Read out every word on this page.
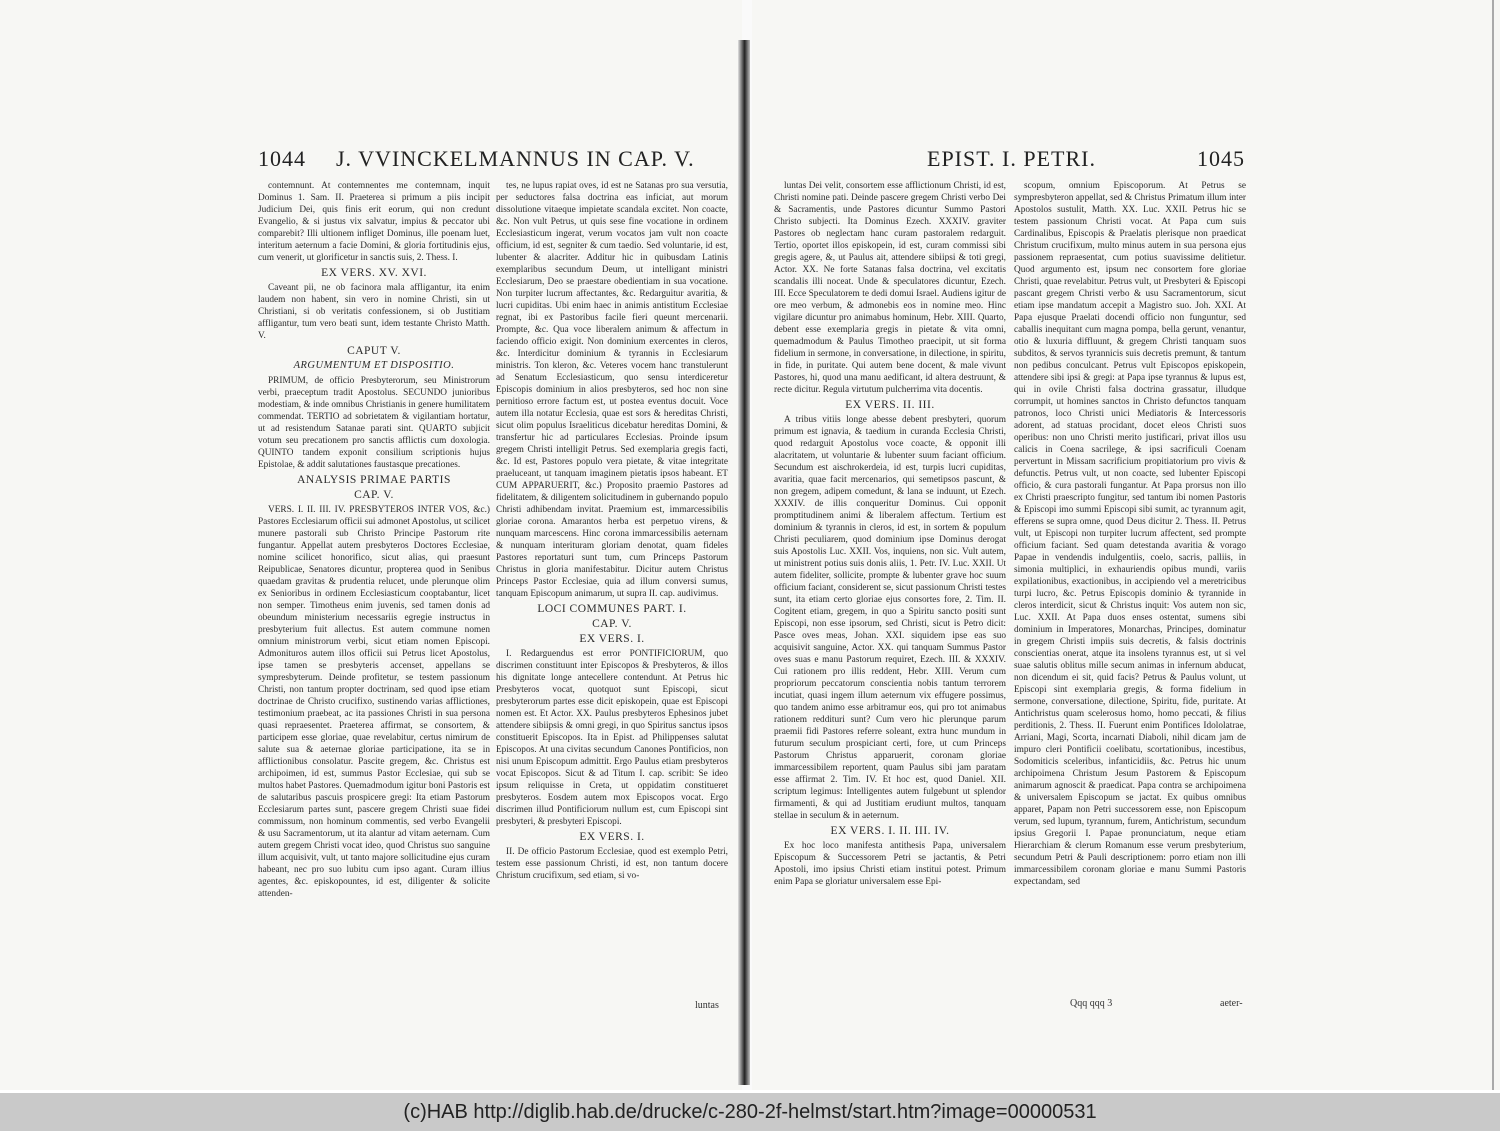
1044 J. VVINCKELMANNUS IN CAP. V.

contemnunt. At contemnentes me contemnam, inquit Dominus 1. Sam. II. Praeterea si primum a piis incipit Judicium Dei, quis finis erit eorum, qui non credunt Evangelio, & si justus vix salvatur, impius & peccator ubi comparebit? Illi ultionem infliget Dominus, ille poenam luet, interitum aeternum a facie Domini, & gloria fortitudinis ejus, cum venerit, ut glorificetur in sanctis suis, 2. Thess. I.

EX VERS. XV. XVI.

Caveant pii, ne ob facinora mala affligantur, ita enim laudem non habent, sin vero in nomine Christi, sin ut Christiani, si ob veritatis confessionem, si ob Justitiam affligantur, tum vero beati sunt, idem testante Christo Matth. V.

CAPUT V.
ARGUMENTUM ET DISPOSITIO.

PRIMUM, de officio Presbyterorum, seu Ministrorum verbi, praeceptum tradit Apostolus. SECUNDO junioribus modestiam, & inde omnibus Christianis in genere humilitatem commendat. TERTIO ad sobrietatem & vigilantiam hortatur, ut ad resistendum Satanae parati sint. QUARTO subjicit votum seu precationem pro sanctis afflictis cum doxologia. QUINTO tandem exponit consilium scriptionis hujus Epistolae, & addit salutationes faustasque precationes.

ANALYSIS PRIMAE PARTIS
CAP. V.

VERS. I. II. III. IV. PRESBYTEROS INTER VOS, &c.) Pastores Ecclesiarum officii sui admonet Apostolus, ut scilicet munere pastorali sub Christo Principe Pastorum rite fungantur. Appellat autem presbyteros Doctores Ecclesiae, nomine scilicet honorifico, sicut alias, qui praesunt Reipublicae, Senatores dicuntur, propterea quod in Senibus quaedam gravitas & prudentia relucet, unde plerunque olim ex Senioribus in ordinem Ecclesiasticum cooptabantur, licet non semper. Timotheus enim juvenis, sed tamen donis ad obeundum ministerium necessariis egregie instructus in presbyterium fuit allectus. Est autem commune nomen omnium ministrorum verbi, sicut etiam nomen Episcopi. Admonituros autem illos officii sui Petrus licet Apostolus, ipse tamen se presbyteris accenset, appellans se sympresbyterum. Deinde profitetur, se testem passionum Christi, non tantum propter doctrinam, sed quod ipse etiam doctrinae de Christo crucifixo, sustinendo varias afflictiones, testimonium praebeat, ac ita passiones Christi in sua persona quasi repraesentet. Praeterea affirmat, se consortem, & participem esse gloriae, quae revelabitur, certus nimirum de salute sua & aeternae gloriae participatione, ita se in afflictionibus consolatur. Pascite gregem, &c. Christus est archipoimen, id est, summus Pastor Ecclesiae, qui sub se multos habet Pastores. Quemadmodum igitur boni Pastoris est de salutaribus pascuis prospicere gregi: Ita etiam Pastorum Ecclesiarum partes sunt, pascere gregem Christi suae fidei commissum, non hominum commentis, sed verbo Evangelii & usu Sacramentorum, ut ita alantur ad vitam aeternam. Cum autem gregem Christi vocat ideo, quod Christus suo sanguine illum acquisivit, vult, ut tanto majore sollicitudine ejus curam habeant, nec pro suo lubitu cum ipso agant. Curam illius agentes, &c. episkopountes, id est, diligenter & solicite attenden-

tes, ne lupus rapiat oves, id est ne Satanas pro sua versutia, per seductores falsa doctrina eas inficiat, aut morum dissolutione vitaeque impietate scandala excitet. Non coacte, &c. Non vult Petrus, ut quis sese fine vocatione in ordinem Ecclesiasticum ingerat, verum vocatos jam vult non coacte officium, id est, segniter & cum taedio. Sed voluntarie, id est, lubenter & alacriter. Additur hic in quibusdam Latinis exemplaribus secundum Deum, ut intelligant ministri Ecclesiarum, Deo se praestare obedientiam in sua vocatione. Non turpiter lucrum affectantes, &c. Redarguitur avaritia, & lucri cupiditas. Ubi enim haec in animis antistitum Ecclesiae regnat, ibi ex Pastoribus facile fieri queunt mercenarii. Prompte, &c. Qua voce liberalem animum & affectum in faciendo officio exigit. Non dominium exercentes in cleros, &c. Interdicitur dominium & tyrannis in Ecclesiarum ministris. Ton kleron, &c. Veteres vocem hanc transtulerunt ad Senatum Ecclesiasticum, quo sensu interdiceretur Episcopis dominium in alios presbyteros, sed hoc non sine pernitioso errore factum est, ut postea eventus docuit. Voce autem illa notatur Ecclesia, quae est sors & hereditas Christi, sicut olim populus Israeliticus dicebatur hereditas Domini, & transfertur hic ad particulares Ecclesias. Proinde ipsum gregem Christi intelligit Petrus. Sed exemplaria gregis facti, &c. Id est, Pastores populo vera pietate, & vitae integritate praeluceant, ut tanquam imaginem pietatis ipsos habeant. ET CUM APPARUERIT, &c.) Proposito praemio Pastores ad fidelitatem, & diligentem solicitudinem in gubernando populo Christi adhibendam invitat. Praemium est, immarcessibilis gloriae corona. Amarantos herba est perpetuo virens, & nunquam marcescens. Hinc corona immarcessibilis aeternam & nunquam interituram gloriam denotat, quam fideles Pastores reportaturi sunt tum, cum Princeps Pastorum Christus in gloria manifestabitur. Dicitur autem Christus Princeps Pastor Ecclesiae, quia ad illum conversi sumus, tanquam Episcopum animarum, ut supra II. cap. audivimus.

LOCI COMMUNES PART. I.
CAP. V.
EX VERS. I.

I. Redarguendus est error PONTIFICIORUM, quo discrimen constituunt inter Episcopos & Presbyteros, & illos his dignitate longe antecellere contendunt. At Petrus hic Presbyteros vocat, quotquot sunt Episcopi, sicut presbyterorum partes esse dicit episkopein, quae est Episcopi nomen est. Et Actor. XX. Paulus presbyteros Ephesinos jubet attendere sibiipsis & omni gregi, in quo Spiritus sanctus ipsos constituerit Episcopos. Ita in Epist. ad Philippenses salutat Episcopos. At una civitas secundum Canones Pontificios, non nisi unum Episcopum admittit. Ergo Paulus etiam presbyteros vocat Episcopos. Sicut & ad Titum I. cap. scribit: Se ideo ipsum reliquisse in Creta, ut oppidatim constitueret presbyteros. Eosdem autem mox Episcopos vocat. Ergo discrimen illud Pontificiorum nullum est, cum Episcopi sint presbyteri, & presbyteri Episcopi.

EX VERS. I.

II. De officio Pastorum Ecclesiae, quod est exemplo Petri, testem esse passionum Christi, id est, non tantum docere Christum crucifixum, sed etiam, si vo-

luntas
EPIST. I. PETRI.	1045

luntas Dei velit, consortem esse afflictionum Christi, id est, Christi nomine pati. Deinde pascere gregem Christi verbo Dei & Sacramentis, unde Pastores dicuntur Summo Pastori Christo subjecti. Ita Dominus Ezech. XXXIV. graviter Pastores ob neglectam hanc curam pastoralem redarguit. Tertio, oportet illos episkopein, id est, curam commissi sibi gregis agere, &, ut Paulus ait, attendere sibiipsi & toti gregi, Actor. XX. Ne forte Satanas falsa doctrina, vel excitatis scandalis illi noceat. Unde & speculatores dicuntur, Ezech. III. Ecce Speculatorem te dedi domui Israel. Audiens igitur de ore meo verbum, & admonebis eos in nomine meo. Hinc vigilare dicuntur pro animabus hominum, Hebr. XIII. Quarto, debent esse exemplaria gregis in pietate & vita omni, quemadmodum & Paulus Timotheo praecipit, ut sit forma fidelium in sermone, in conversatione, in dilectione, in spiritu, in fide, in puritate. Qui autem bene docent, & male vivunt Pastores, hi, quod una manu aedificant, id altera destruunt, & recte dicitur. Regula virtutum pulcherrima vita docentis.

EX VERS. II. III.

A tribus vitiis longe abesse debent presbyteri, quorum primum est ignavia, & taedium in curanda Ecclesia Christi, quod redarguit Apostolus voce coacte, & opponit illi alacritatem, ut voluntarie & lubenter suum faciant officium. Secundum est aischrokerdeia, id est, turpis lucri cupiditas, avaritia, quae facit mercenarios, qui semetipsos pascunt, & non gregem, adipem comedunt, & lana se induunt, ut Ezech. XXXIV. de illis conqueritur Dominus. Cui opponit promptitudinem animi & liberalem affectum. Tertium est dominium & tyrannis in cleros, id est, in sortem & populum Christi peculiarem, quod dominium ipse Dominus derogat suis Apostolis Luc. XXII. Vos, inquiens, non sic. Vult autem, ut ministrent potius suis donis aliis, 1. Petr. IV. Luc. XXII. Ut autem fideliter, sollicite, prompte & lubenter grave hoc suum officium faciant, considerent se, sicut passionum Christi testes sunt, ita etiam certo gloriae ejus consortes fore, 2. Tim. II. Cogitent etiam, gregem, in quo a Spiritu sancto positi sunt Episcopi, non esse ipsorum, sed Christi, sicut is Petro dicit: Pasce oves meas, Johan. XXI. siquidem ipse eas suo acquisivit sanguine, Actor. XX. qui tanquam Summus Pastor oves suas e manu Pastorum requiret, Ezech. III. & XXXIV. Cui rationem pro illis reddent, Hebr. XIII. Verum cum propriorum peccatorum conscientia nobis tantum terrorem incutiat, quasi ingem illum aeternum vix effugere possimus, quo tandem animo esse arbitramur eos, qui pro tot animabus rationem reddituri sunt? Cum vero hic plerunque parum praemii fidi Pastores referre soleant, extra hunc mundum in futurum seculum prospiciant certi, fore, ut cum Princeps Pastorum Christus apparuerit, coronam gloriae immarcessibilem reportent, quam Paulus sibi jam paratam esse affirmat 2. Tim. IV. Et hoc est, quod Daniel. XII. scriptum legimus: Intelligentes autem fulgebunt ut splendor firmamenti, & qui ad Justitiam erudiunt multos, tanquam stellae in seculum & in aeternum.

EX VERS. I. II. III. IV.

Ex hoc loco manifesta antithesis Papa, universalem Episcopum & Successorem Petri se jactantis, & Petri Apostoli, imo ipsius Christi etiam institui potest. Primum enim Papa se gloriatur universalem esse Epi-

scopum, omnium Episcoporum. At Petrus se sympresbyteron appellat, sed & Christus Primatum illum inter Apostolos sustulit, Matth. XX. Luc. XXII. Petrus hic se testem passionum Christi vocat. At Papa cum suis Cardinalibus, Episcopis & Praelatis plerisque non praedicat Christum crucifixum, multo minus autem in sua persona ejus passionem repraesentat, cum potius suavissime delitietur. Quod argumento est, ipsum nec consortem fore gloriae Christi, quae revelabitur. Petrus vult, ut Presbyteri & Episcopi pascant gregem Christi verbo & usu Sacramentorum, sicut etiam ipse mandatum accepit a Magistro suo. Joh. XXI. At Papa ejusque Praelati docendi officio non funguntur, sed caballis inequitant cum magna pompa, bella gerunt, venantur, otio & luxuria diffluunt, & gregem Christi tanquam suos subditos, & servos tyrannicis suis decretis premunt, & tantum non pedibus conculcant. Petrus vult Episcopos episkopein, attendere sibi ipsi & gregi: at Papa ipse tyrannus & lupus est, qui in ovile Christi falsa doctrina grassatur, illudque corrumpit, ut homines sanctos in Christo defunctos tanquam patronos, loco Christi unici Mediatoris & Intercessoris adorent, ad statuas procidant, docet eleos Christi suos operibus: non uno Christi merito justificari, privat illos usu calicis in Coena sacrilege, & ipsi sacrificuli Coenam pervertunt in Missam sacrificium propitiatorium pro vivis & defunctis. Petrus vult, ut non coacte, sed lubenter Episcopi officio, & cura pastorali fungantur. At Papa prorsus non illo ex Christi praescripto fungitur, sed tantum ibi nomen Pastoris & Episcopi imo summi Episcopi sibi sumit, ac tyrannum agit, efferens se supra omne, quod Deus dicitur 2. Thess. II. Petrus vult, ut Episcopi non turpiter lucrum affectent, sed prompte officium faciant. Sed quam detestanda avaritia & vorago Papae in vendendis indulgentiis, coelo, sacris, palliis, in simonia multiplici, in exhauriendis opibus mundi, variis expilationibus, exactionibus, in accipiendo vel a meretricibus turpi lucro, &c. Petrus Episcopis dominio & tyrannide in cleros interdicit, sicut & Christus inquit: Vos autem non sic, Luc. XXII. At Papa duos enses ostentat, sumens sibi dominium in Imperatores, Monarchas, Principes, dominatur in gregem Christi impiis suis decretis, & falsis doctrinis conscientias onerat, atque ita insolens tyrannus est, ut si vel suae salutis oblitus mille secum animas in infernum abducat, non dicendum ei sit, quid facis? Petrus & Paulus volunt, ut Episcopi sint exemplaria gregis, & forma fidelium in sermone, conversatione, dilectione, Spiritu, fide, puritate. At Antichristus quam scelerosus homo, homo peccati, & filius perditionis, 2. Thess. II. Fuerunt enim Pontifices Idololatrae, Arriani, Magi, Scorta, incarnati Diaboli, nihil dicam jam de impuro cleri Pontificii coelibatu, scortationibus, incestibus, Sodomiticis sceleribus, infanticidiis, &c. Petrus hic unum archipoimena Christum Jesum Pastorem & Episcopum animarum agnoscit & praedicat. Papa contra se archipoimena & universalem Episcopum se jactat. Ex quibus omnibus apparet, Papam non Petri successorem esse, non Episcopum verum, sed lupum, tyrannum, furem, Antichristum, secundum ipsius Gregorii I. Papae pronunciatum, neque etiam Hierarchiam & clerum Romanum esse verum presbyterium, secundum Petri & Pauli descriptionem: porro etiam non illi immarcessibilem coronam gloriae e manu Summi Pastoris expectandam, sed

Qqq qqq 3	aeter-
(c)HAB http://diglib.hab.de/drucke/c-280-2f-helmst/start.htm?image=00000531
